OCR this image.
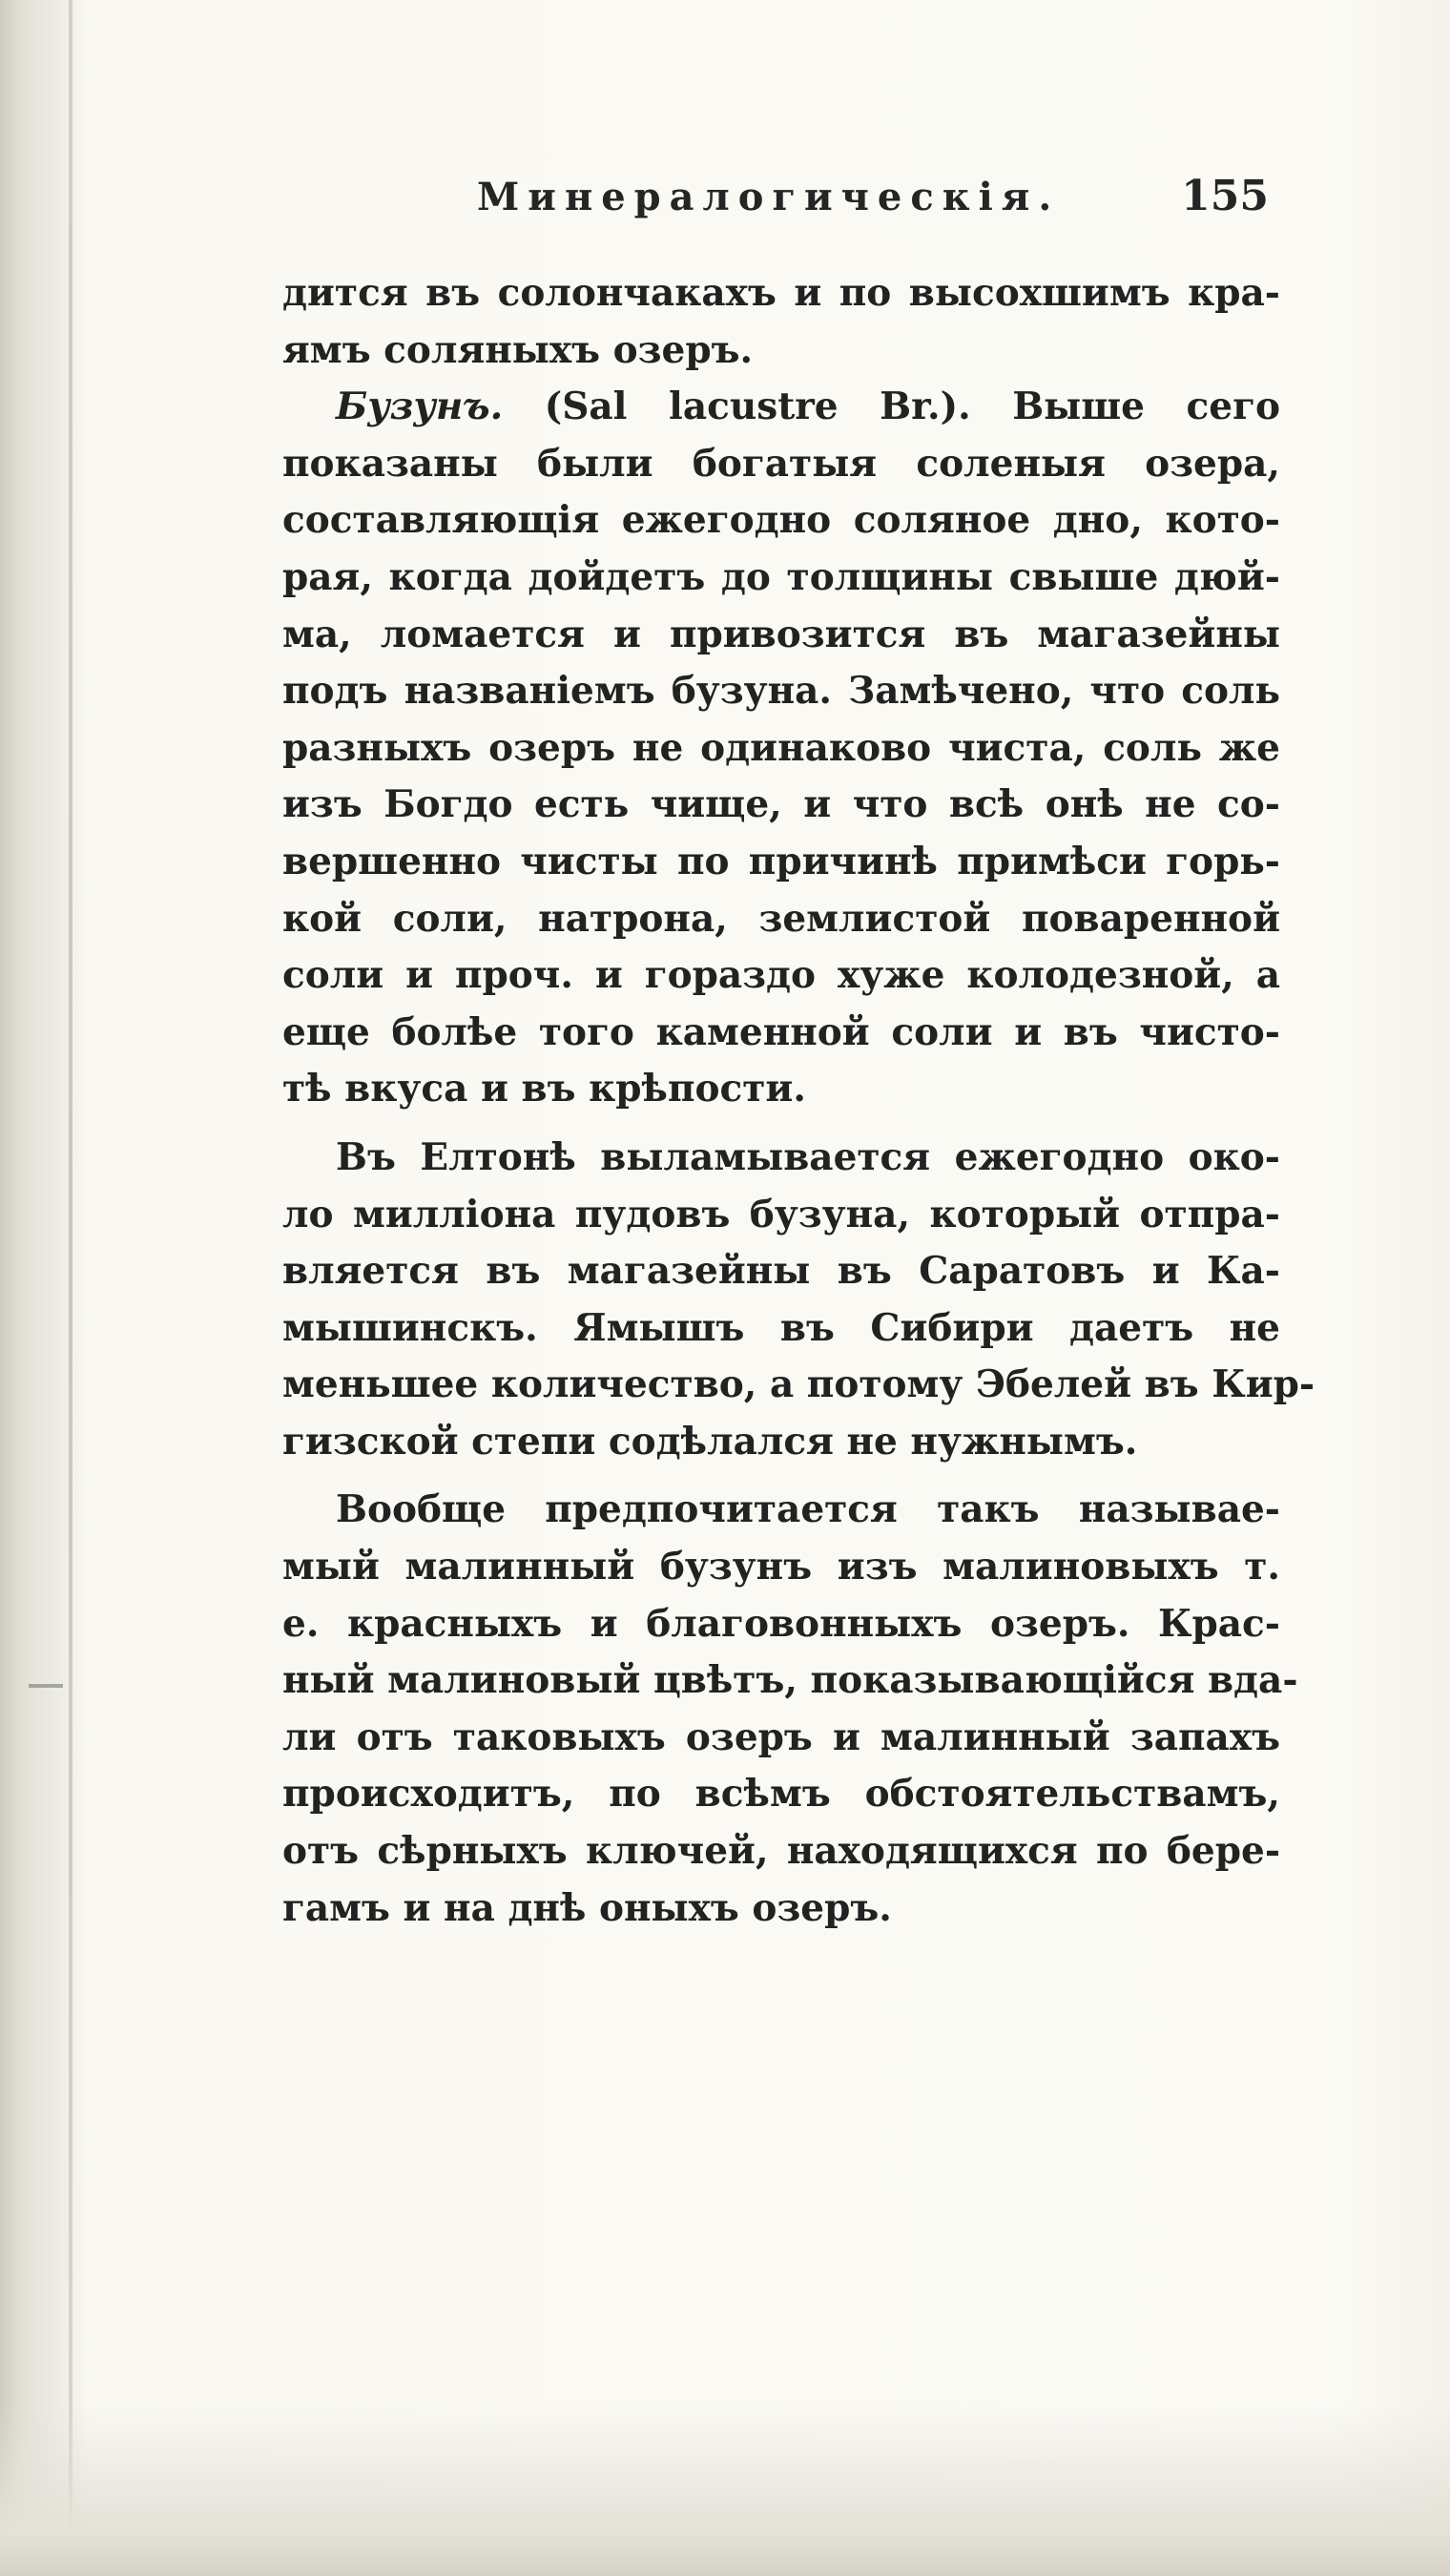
Минералогическія.	155
дится въ солончакахъ и по высохшимъ кра-
ямъ соляныхъ озеръ.
Бузунъ. (Sal lacustre Br.). Выше сего
показаны были богатыя соленыя озера,
составляющія ежегодно соляное дно, кото-
рая, когда дойдетъ до толщины свыше дюй-
ма, ломается и привозится въ магазейны
подъ названіемъ бузуна. Замѣчено, что соль
разныхъ озеръ не одинаково чиста, соль же
изъ Богдо есть чище, и что всѣ онѣ не со-
вершенно чисты по причинѣ примѣси горь-
кой соли, натрона, землистой поваренной
соли и проч. и гораздо хуже колодезной, а
еще болѣе того каменной соли и въ чисто-
тѣ вкуса и въ крѣпости.
Въ Елтонѣ выламывается ежегодно око-
ло милліона пудовъ бузуна, который отпра-
вляется въ магазейны въ Саратовъ и Ка-
мышинскъ. Ямышъ въ Сибири даетъ не
меньшее количество, а потому Эбелей въ Кир-
гизской степи содѣлался не нужнымъ.
Вообще предпочитается такъ называе-
мый малинный бузунъ изъ малиновыхъ т.
е. красныхъ и благовонныхъ озеръ. Крас-
ный малиновый цвѣтъ, показывающійся вда-
ли отъ таковыхъ озеръ и малинный запахъ
происходитъ, по всѣмъ обстоятельствамъ,
отъ сѣрныхъ ключей, находящихся по бере-
гамъ и на днѣ оныхъ озеръ.
